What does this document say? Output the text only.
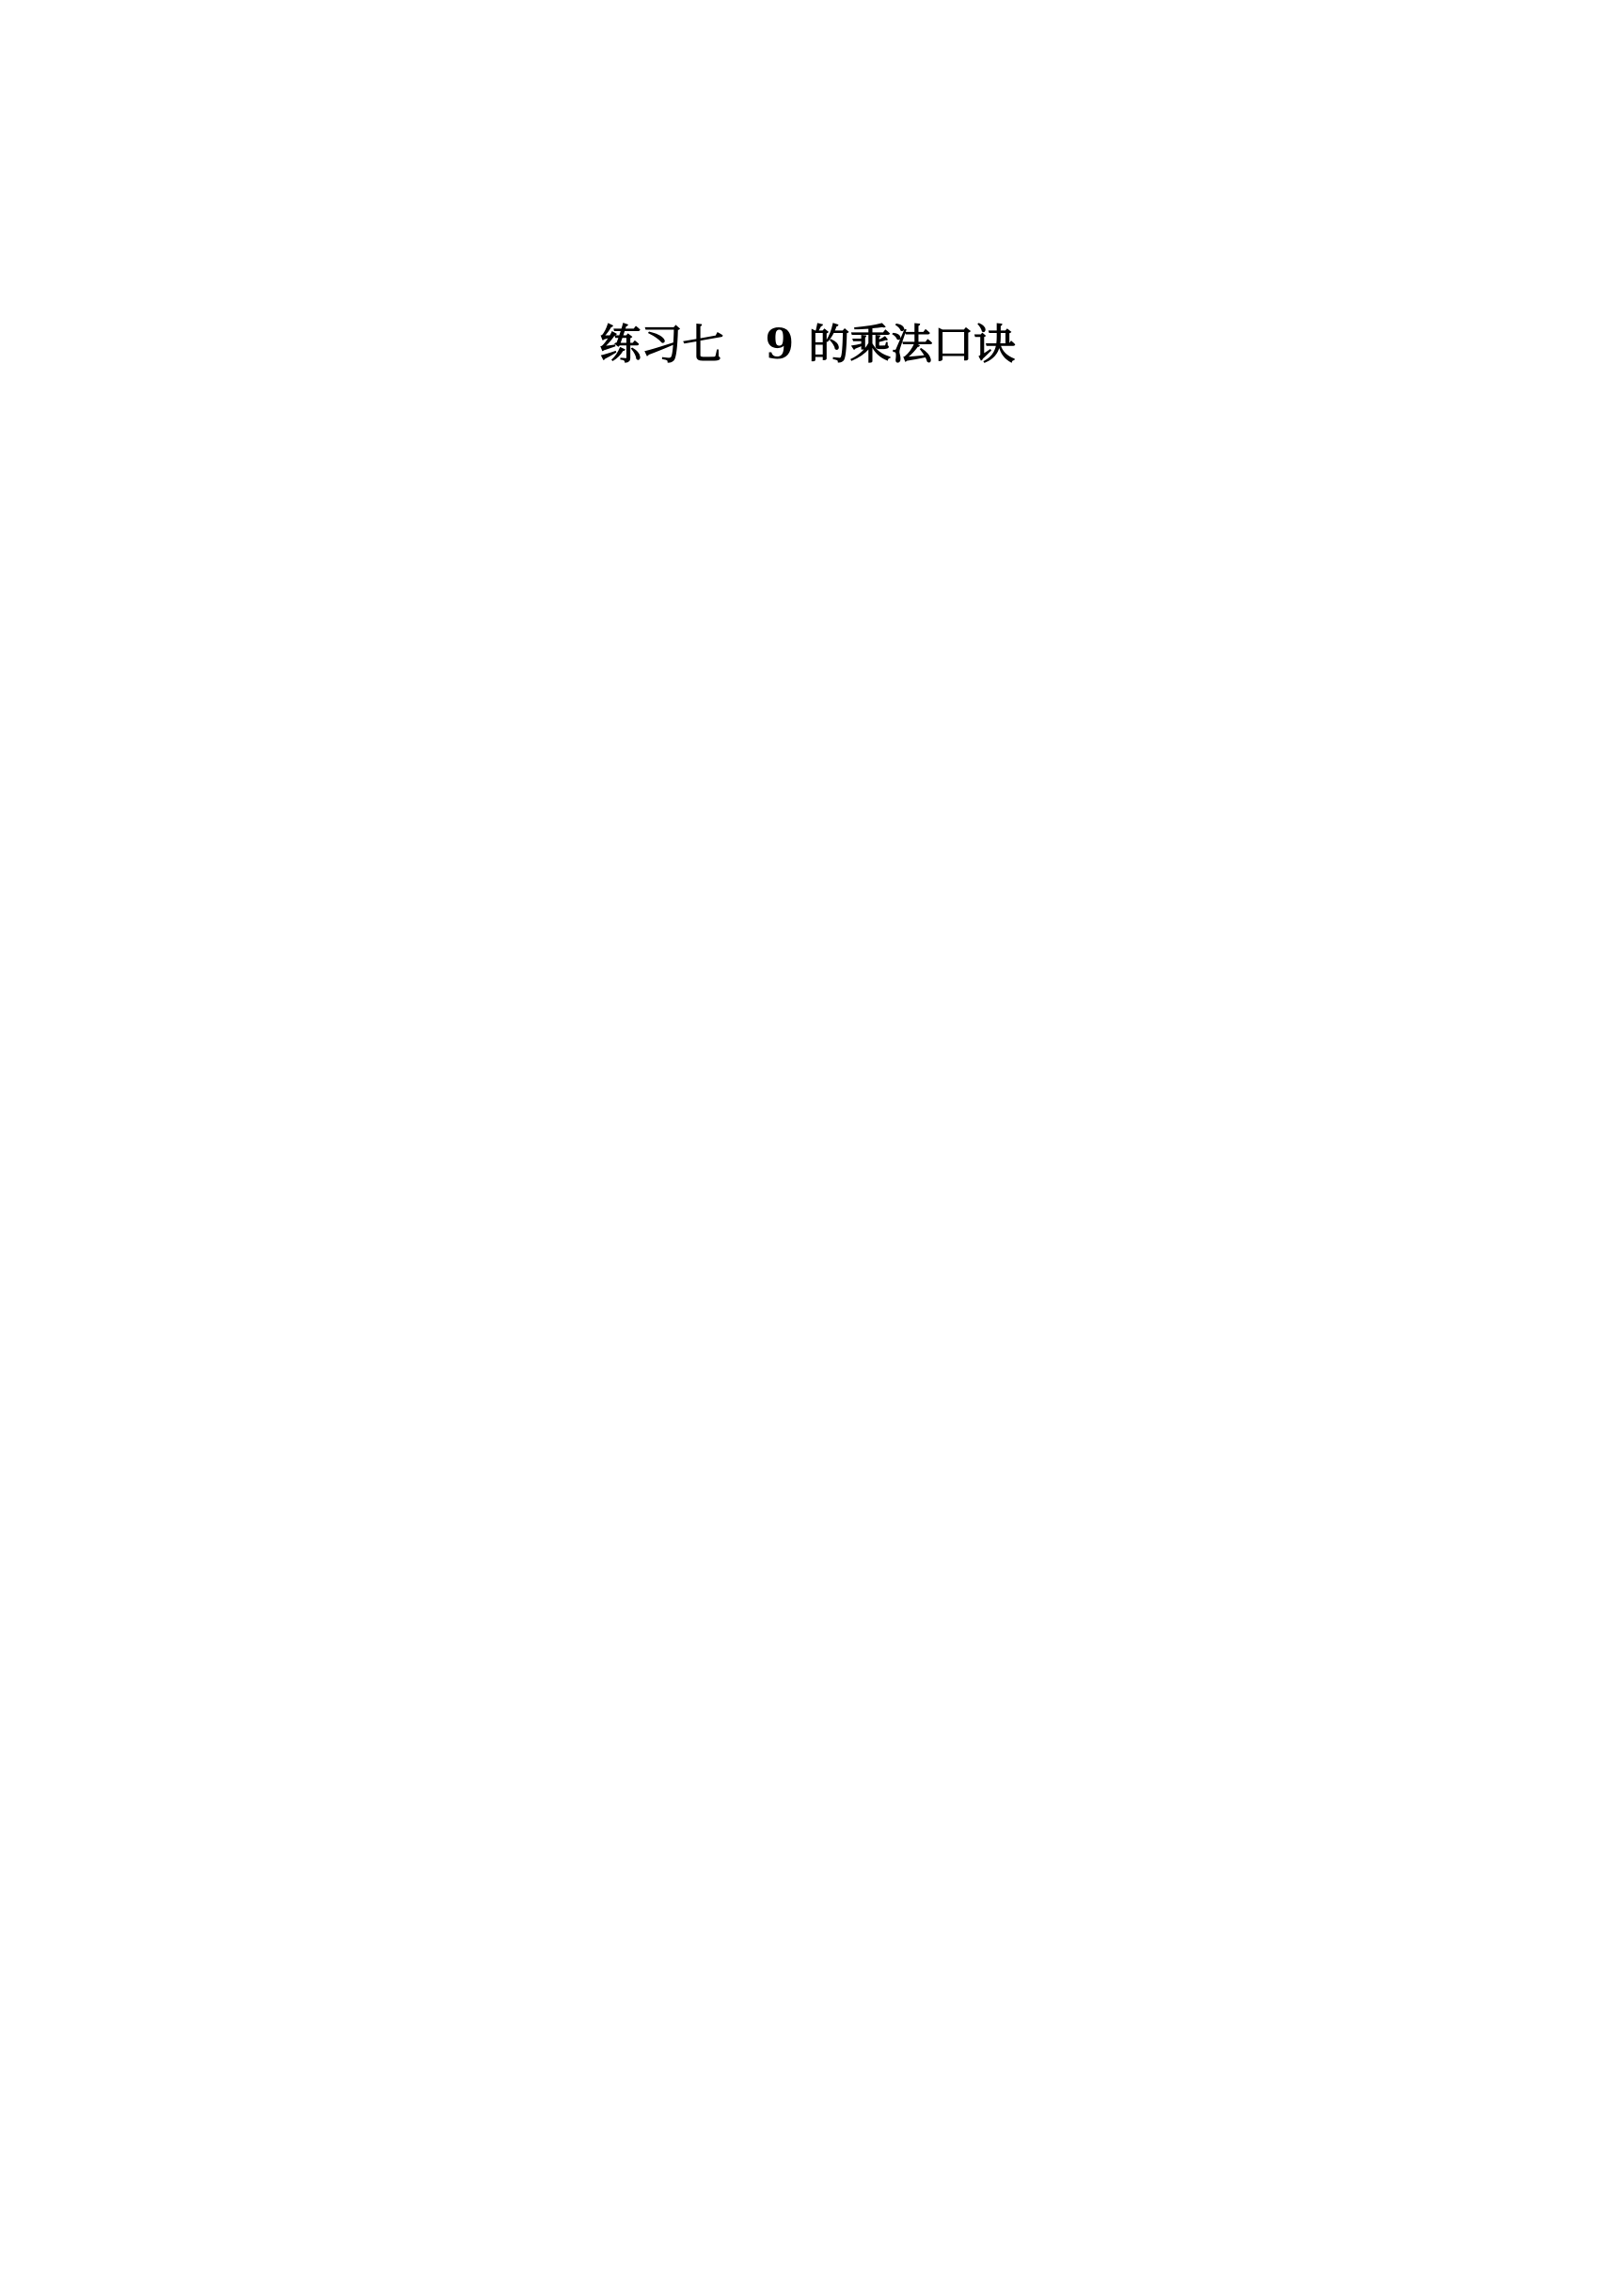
练习七　9 的乘法口诀
